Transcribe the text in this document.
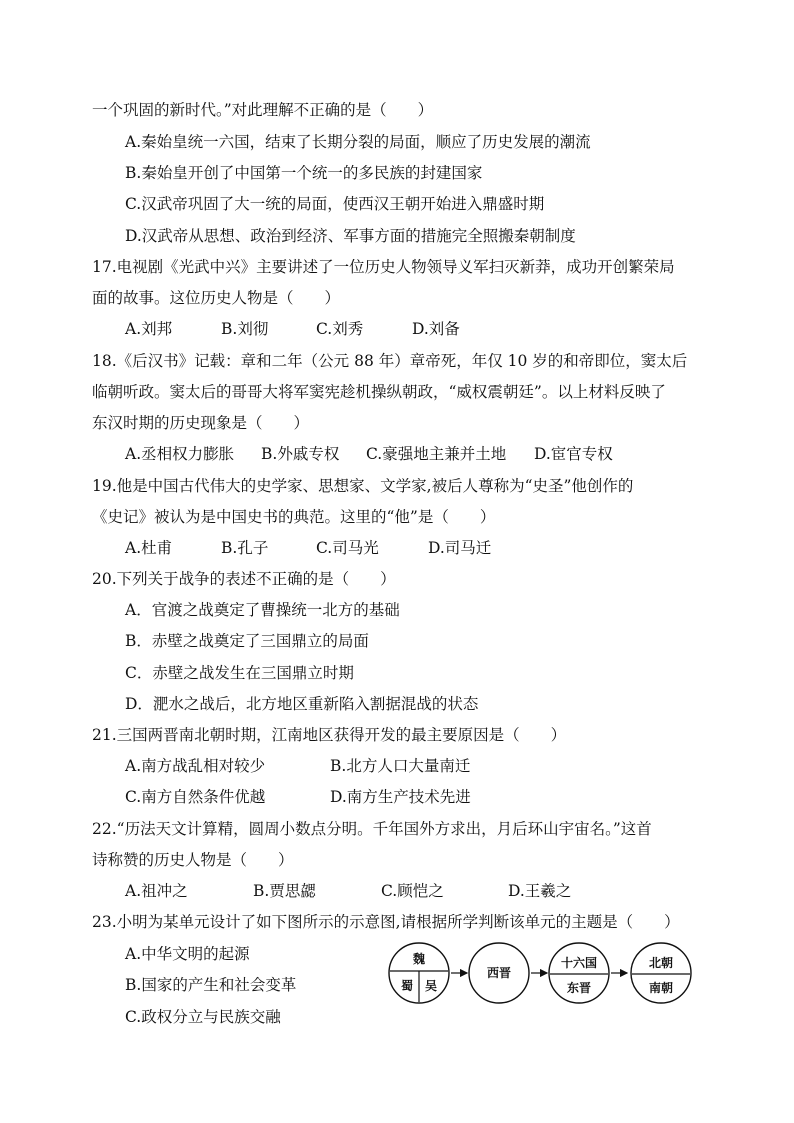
一个巩固的新时代。”对此理解不正确的是（　　）
A.秦始皇统一六国，结束了长期分裂的局面，顺应了历史发展的潮流
B.秦始皇开创了中国第一个统一的多民族的封建国家
C.汉武帝巩固了大一统的局面，使西汉王朝开始进入鼎盛时期
D.汉武帝从思想、政治到经济、军事方面的措施完全照搬秦朝制度
17.电视剧《光武中兴》主要讲述了一位历史人物领导义军扫灭新莽，成功开创繁荣局
面的故事。这位历史人物是（　　）
A.刘邦	B.刘彻	C.刘秀	D.刘备
18.《后汉书》记载：章和二年（公元 88 年）章帝死，年仅 10 岁的和帝即位，窦太后
临朝听政。窦太后的哥哥大将军窦宪趁机操纵朝政，“威权震朝廷”。以上材料反映了
东汉时期的历史现象是（　　）
A.丞相权力膨胀 B.外戚专权 C.豪强地主兼并土地 D.宦官专权
19.他是中国古代伟大的史学家、思想家、文学家,被后人尊称为“史圣”他创作的
《史记》被认为是中国史书的典范。这里的“他”是（　　）
A.杜甫	B.孔子	C.司马光	D.司马迁
20.下列关于战争的表述不正确的是（　　）
A．官渡之战奠定了曹操统一北方的基础
B．赤壁之战奠定了三国鼎立的局面
C．赤壁之战发生在三国鼎立时期
D．淝水之战后，北方地区重新陷入割据混战的状态
21.三国两晋南北朝时期，江南地区获得开发的最主要原因是（　　）
A.南方战乱相对较少	B.北方人口大量南迁
C.南方自然条件优越	D.南方生产技术先进
22.“历法天文计算精，圆周小数点分明。千年国外方求出，月后环山宇宙名。”这首
诗称赞的历史人物是（　　）
A.祖冲之	B.贾思勰	C.顾恺之	D.王羲之
23.小明为某单元设计了如下图所示的示意图,请根据所学判断该单元的主题是（　　）
A.中华文明的起源
B.国家的产生和社会变革
C.政权分立与民族交融
魏
蜀 吴
西晋
十六国
东晋
北朝
南朝
